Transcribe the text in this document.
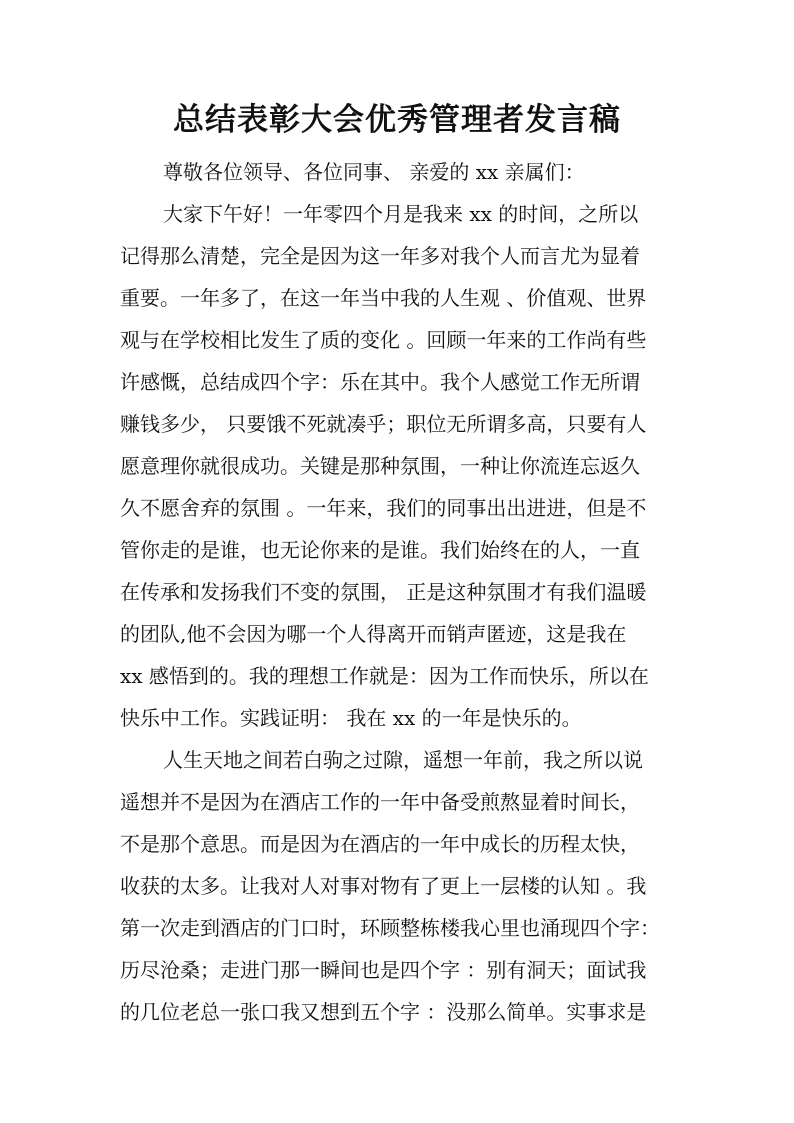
总结表彰大会优秀管理者发言稿

尊敬各位领导、各位同事、 亲爱的 xx 亲属们：

大家下午好！一年零四个月是我来 xx 的时间，之所以

记得那么清楚，完全是因为这一年多对我个人而言尤为显着

重要。一年多了，在这一年当中我的人生观 、价值观、世界

观与在学校相比发生了质的变化 。回顾一年来的工作尚有些

许感慨，总结成四个字：乐在其中。我个人感觉工作无所谓

赚钱多少， 只要饿不死就凑乎；职位无所谓多高，只要有人

愿意理你就很成功。关键是那种氛围，一种让你流连忘返久

久不愿舍弃的氛围 。一年来，我们的同事出出进进，但是不

管你走的是谁，也无论你来的是谁。我们始终在的人，一直

在传承和发扬我们不变的氛围， 正是这种氛围才有我们温暖

的团队,他不会因为哪一个人得离开而销声匿迹，这是我在

xx 感悟到的。我的理想工作就是：因为工作而快乐，所以在

快乐中工作。实践证明： 我在 xx 的一年是快乐的。

人生天地之间若白驹之过隙，遥想一年前，我之所以说

遥想并不是因为在酒店工作的一年中备受煎熬显着时间长，

不是那个意思。而是因为在酒店的一年中成长的历程太快，

收获的太多。让我对人对事对物有了更上一层楼的认知 。我

第一次走到酒店的门口时，环顾整栋楼我心里也涌现四个字：

历尽沧桑；走进门那一瞬间也是四个字 ：别有洞天；面试我

的几位老总一张口我又想到五个字 ：没那么简单。实事求是
